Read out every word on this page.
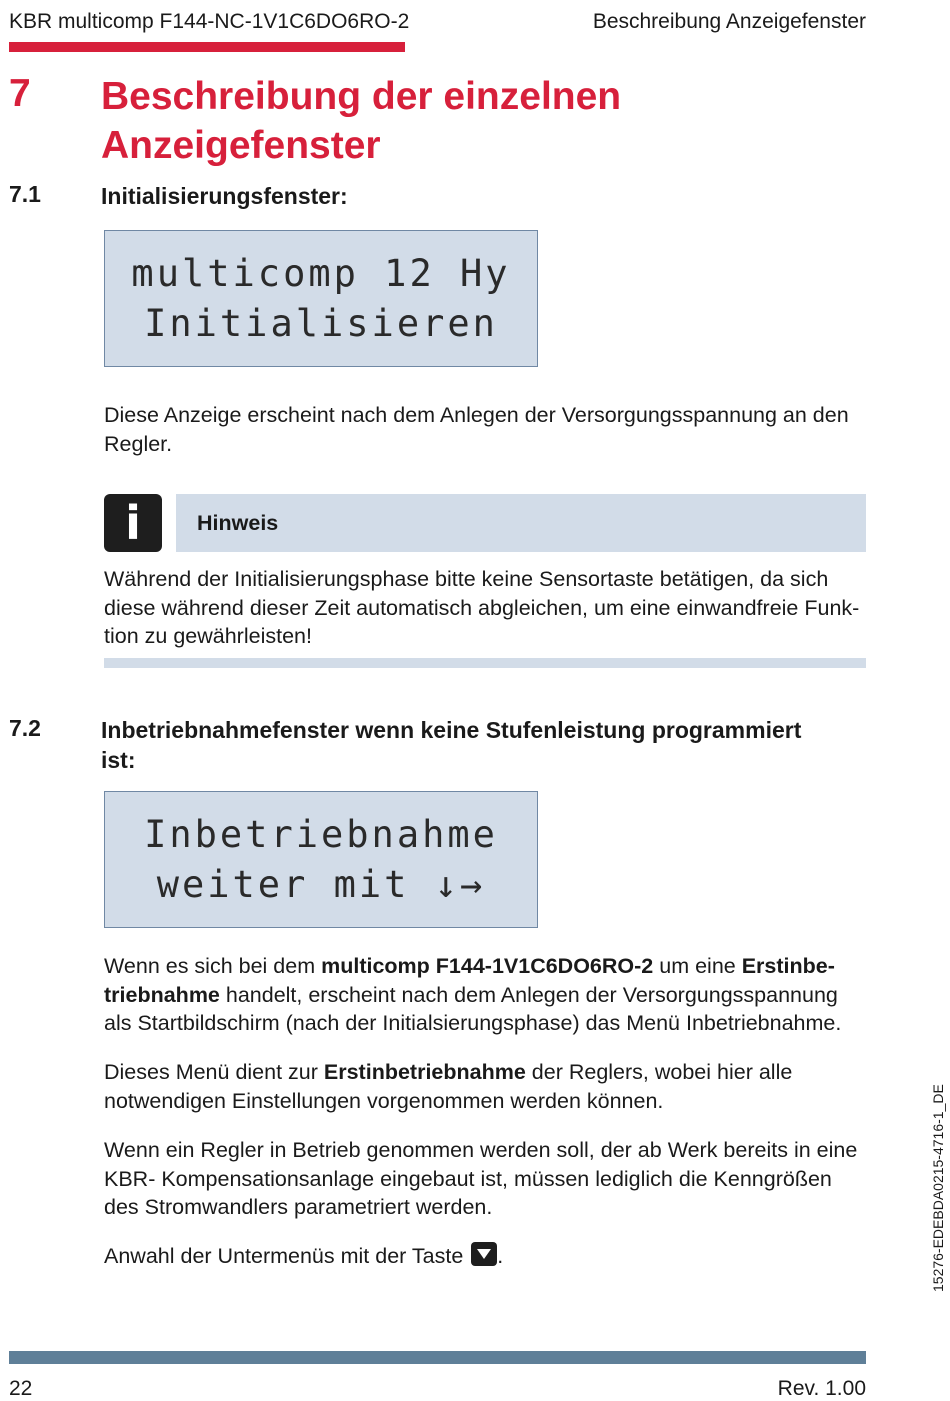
KBR multicomp F144-NC-1V1C6DO6RO-2	Beschreibung Anzeigefenster
7 Beschreibung der einzelnen
Anzeigefenster
7.1	Initialisierungsfenster:
multicomp 12 Hy
Initialisieren
Diese Anzeige erscheint nach dem Anlegen der Versorgungsspannung an den
Regler.
i	Hinweis
Während der Initialisierungsphase bitte keine Sensortaste betätigen, da sich
diese während dieser Zeit automatisch abgleichen, um eine einwandfreie Funk-
tion zu gewährleisten!
7.2	Inbetriebnahmefenster wenn keine Stufenleistung programmiert
ist:
Inbetriebnahme
weiter mit ↓→
Wenn es sich bei dem multicomp F144-1V1C6DO6RO-2 um eine Erstinbe-
triebnahme handelt, erscheint nach dem Anlegen der Versorgungsspannung
als Startbildschirm (nach der Initialsierungsphase) das Menü Inbetriebnahme.
Dieses Menü dient zur Erstinbetriebnahme der Reglers, wobei hier alle
notwendigen Einstellungen vorgenommen werden können.
Wenn ein Regler in Betrieb genommen werden soll, der ab Werk bereits in eine
KBR- Kompensationsanlage eingebaut ist, müssen lediglich die Kenngrößen
des Stromwandlers parametriert werden.
Anwahl der Untermenüs mit der Taste .	15276-EDEBDA0215-4716-1_DE
22	Rev. 1.00
